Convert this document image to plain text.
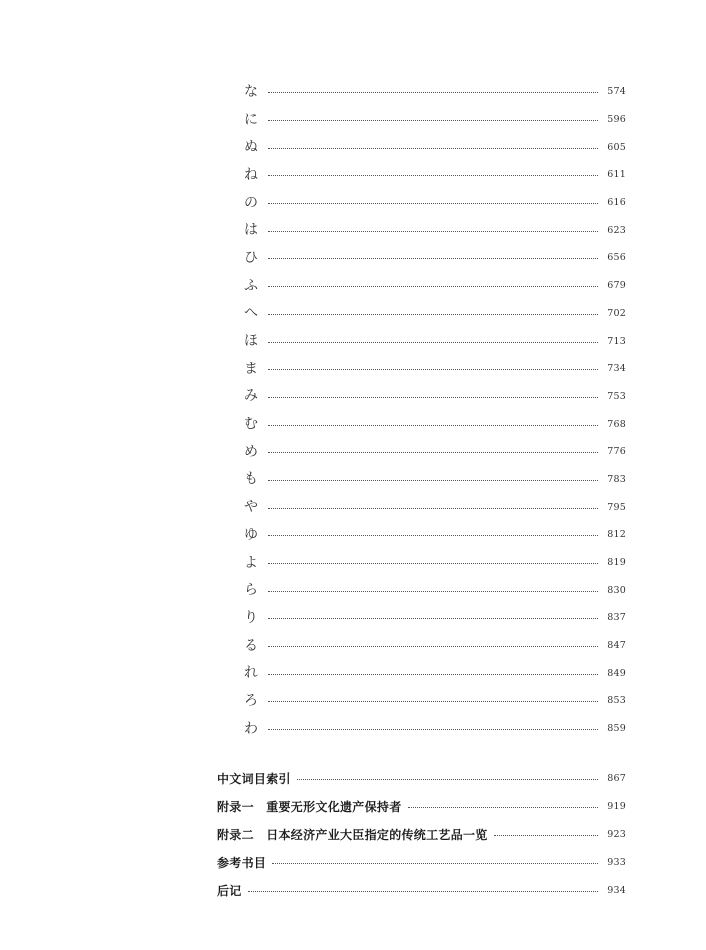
な	574
に	596
ぬ	605
ね	611
の	616
は	623
ひ	656
ふ	679
へ	702
ほ	713
ま	734
み	753
む	768
め	776
も	783
や	795
ゆ	812
よ	819
ら	830
り	837
る	847
れ	849
ろ	853
わ	859
中文词目索引	867
附录一　重要无形文化遗产保持者	919
附录二　日本经济产业大臣指定的传统工艺品一览	923
参考书目	933
后记	934
